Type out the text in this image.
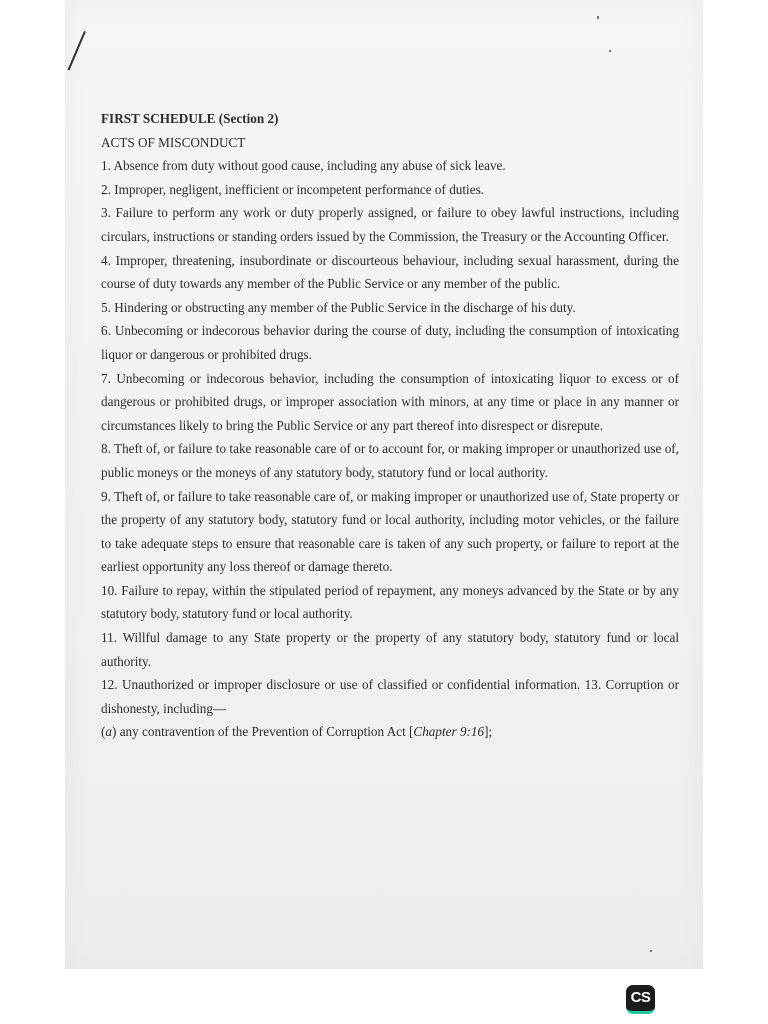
FIRST SCHEDULE (Section 2)

ACTS OF MISCONDUCT

1. Absence from duty without good cause, including any abuse of sick leave.

2. Improper, negligent, inefficient or incompetent performance of duties.

3. Failure to perform any work or duty properly assigned, or failure to obey lawful instructions, including circulars, instructions or standing orders issued by the Commission, the Treasury or the Accounting Officer.

4. Improper, threatening, insubordinate or discourteous behaviour, including sexual harassment, during the course of duty towards any member of the Public Service or any member of the public.

5. Hindering or obstructing any member of the Public Service in the discharge of his duty.

6. Unbecoming or indecorous behavior during the course of duty, including the consumption of intoxicating liquor or dangerous or prohibited drugs.

7. Unbecoming or indecorous behavior, including the consumption of intoxicating liquor to excess or of dangerous or prohibited drugs, or improper association with minors, at any time or place in any manner or circumstances likely to bring the Public Service or any part thereof into disrespect or disrepute.

8. Theft of, or failure to take reasonable care of or to account for, or making improper or unauthorized use of, public moneys or the moneys of any statutory body, statutory fund or local authority.

9. Theft of, or failure to take reasonable care of, or making improper or unauthorized use of, State property or the property of any statutory body, statutory fund or local authority, including motor vehicles, or the failure to take adequate steps to ensure that reasonable care is taken of any such property, or failure to report at the earliest opportunity any loss thereof or damage thereto.

10. Failure to repay, within the stipulated period of repayment, any moneys advanced by the State or by any statutory body, statutory fund or local authority.

11. Willful damage to any State property or the property of any statutory body, statutory fund or local authority.

12. Unauthorized or improper disclosure or use of classified or confidential information. 13. Corruption or dishonesty, including—

(a) any contravention of the Prevention of Corruption Act [Chapter 9:16];

CS
